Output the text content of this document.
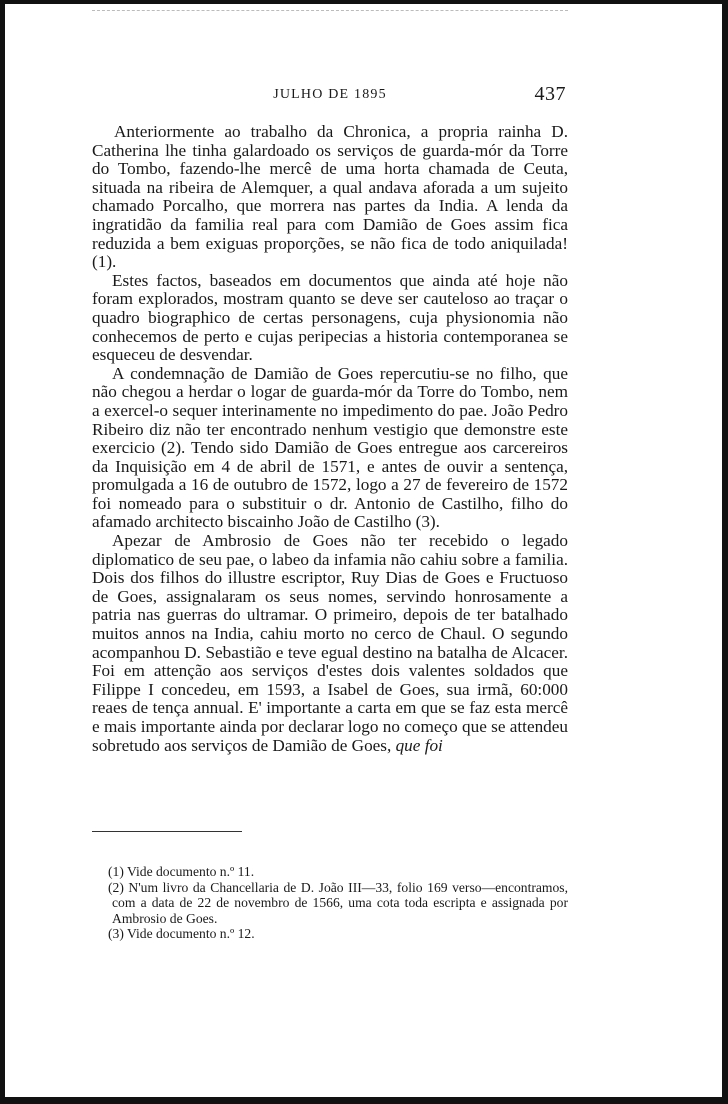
JULHO DE 1895	437

Anteriormente ao trabalho da Chronica, a propria rainha D. Catherina lhe tinha galardoado os serviços de guarda-mór da Torre do Tombo, fazendo-lhe mercê de uma horta chamada de Ceuta, situada na ribeira de Alemquer, a qual andava aforada a um sujeito chamado Porcalho, que morrera nas partes da India. A lenda da ingratidão da familia real para com Damião de Goes assim fica reduzida a bem exiguas proporções, se não fica de todo aniquilada! (1).

Estes factos, baseados em documentos que ainda até hoje não foram explorados, mostram quanto se deve ser cauteloso ao traçar o quadro biographico de certas personagens, cuja physionomia não conhecemos de perto e cujas peripecias a historia contemporanea se esqueceu de desvendar.

A condemnação de Damião de Goes repercutiu-se no filho, que não chegou a herdar o logar de guarda-mór da Torre do Tombo, nem a exercel-o sequer interinamente no impedimento do pae. João Pedro Ribeiro diz não ter encontrado nenhum vestigio que demonstre este exercicio (2). Tendo sido Damião de Goes entregue aos carcereiros da Inquisição em 4 de abril de 1571, e antes de ouvir a sentença, promulgada a 16 de outubro de 1572, logo a 27 de fevereiro de 1572 foi nomeado para o substituir o dr. Antonio de Castilho, filho do afamado architecto biscainho João de Castilho (3).

Apezar de Ambrosio de Goes não ter recebido o legado diplomatico de seu pae, o labeo da infamia não cahiu sobre a familia. Dois dos filhos do illustre escriptor, Ruy Dias de Goes e Fructuoso de Goes, assignalaram os seus nomes, servindo honrosamente a patria nas guerras do ultramar. O primeiro, depois de ter batalhado muitos annos na India, cahiu morto no cerco de Chaul. O segundo acompanhou D. Sebastião e teve egual destino na batalha de Alcacer. Foi em attenção aos serviços d'estes dois valentes soldados que Filippe I concedeu, em 1593, a Isabel de Goes, sua irmã, 60:000 reaes de tença annual. E' importante a carta em que se faz esta mercê e mais importante ainda por declarar logo no começo que se attendeu sobretudo aos serviços de Damião de Goes, que foi

(1) Vide documento n.º 11.

(2) N'um livro da Chancellaria de D. João III—33, folio 169 verso—encontramos, com a data de 22 de novembro de 1566, uma cota toda escripta e assignada por Ambrosio de Goes.

(3) Vide documento n.º 12.
